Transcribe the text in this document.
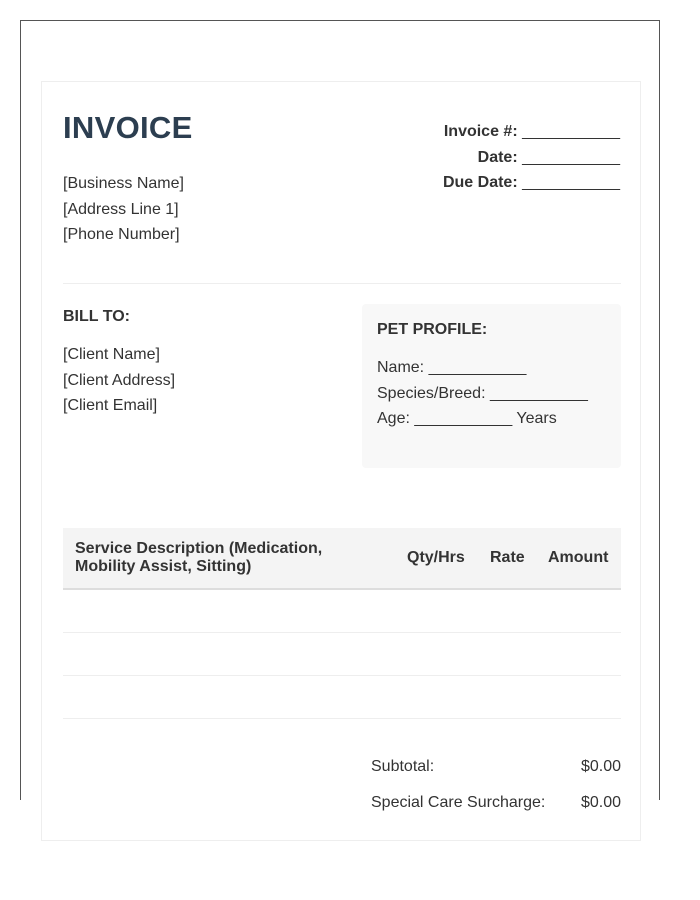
INVOICE
[Business Name]
[Address Line 1]
[Phone Number]
Invoice #: ___________
Date: ___________
Due Date: ___________
BILL TO:
[Client Name]
[Client Address]
[Client Email]
PET PROFILE:
Name: ___________
Species/Breed: ___________
Age: ___________ Years
Service Description (Medication,
Mobility Assist, Sitting)
Qty/Hrs Rate Amount
Subtotal:	$0.00
Special Care Surcharge: $0.00
